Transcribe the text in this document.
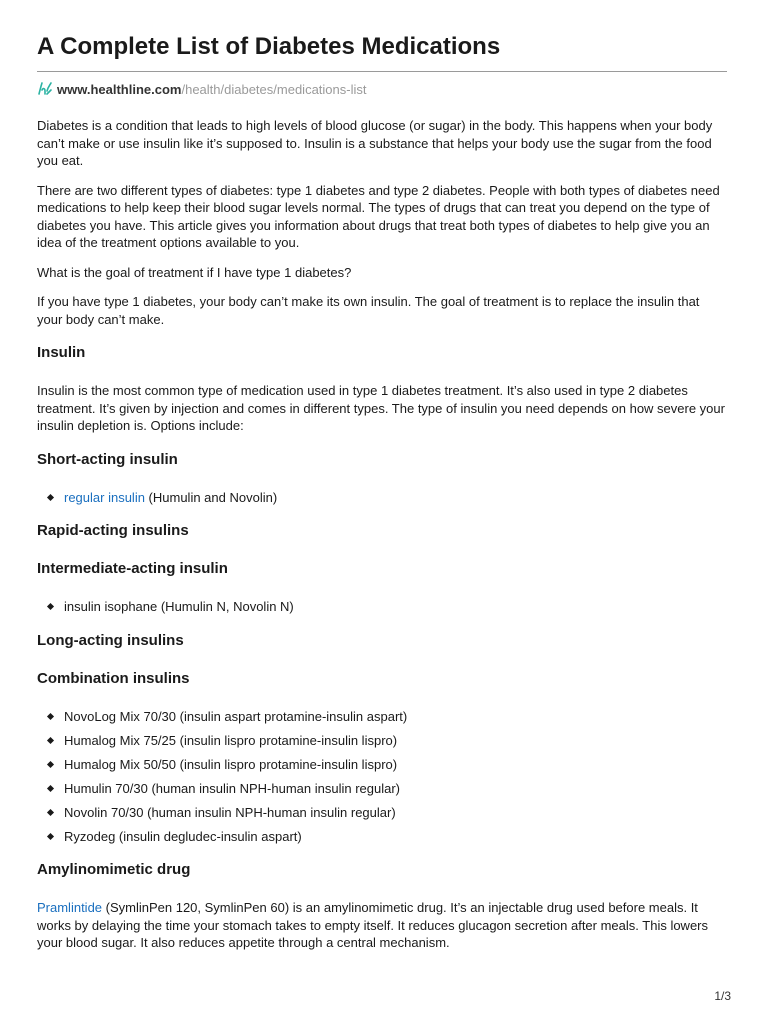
A Complete List of Diabetes Medications
www.healthline.com /health/diabetes/medications-list

Diabetes is a condition that leads to high levels of blood glucose (or sugar) in the body. This happens when your body can’t make or use insulin like it’s supposed to. Insulin is a substance that helps your body use the sugar from the food you eat.

There are two different types of diabetes: type 1 diabetes and type 2 diabetes. People with both types of diabetes need medications to help keep their blood sugar levels normal. The types of drugs that can treat you depend on the type of diabetes you have. This article gives you information about drugs that treat both types of diabetes to help give you an idea of the treatment options available to you.

What is the goal of treatment if I have type 1 diabetes?

If you have type 1 diabetes, your body can’t make its own insulin. The goal of treatment is to replace the insulin that your body can’t make.

Insulin

Insulin is the most common type of medication used in type 1 diabetes treatment. It’s also used in type 2 diabetes treatment. It’s given by injection and comes in different types. The type of insulin you need depends on how severe your insulin depletion is. Options include:

Short-acting insulin
regular insulin (Humulin and Novolin)
Rapid-acting insulins
Intermediate-acting insulin
insulin isophane (Humulin N, Novolin N)
Long-acting insulins
Combination insulins
NovoLog Mix 70/30 (insulin aspart protamine-insulin aspart)
Humalog Mix 75/25 (insulin lispro protamine-insulin lispro)
Humalog Mix 50/50 (insulin lispro protamine-insulin lispro)
Humulin 70/30 (human insulin NPH-human insulin regular)
Novolin 70/30 (human insulin NPH-human insulin regular)
Ryzodeg (insulin degludec-insulin aspart)
Amylinomimetic drug

Pramlintide (SymlinPen 120, SymlinPen 60) is an amylinomimetic drug. It’s an injectable drug used before meals. It works by delaying the time your stomach takes to empty itself. It reduces glucagon secretion after meals. This lowers your blood sugar. It also reduces appetite through a central mechanism.

1/3
